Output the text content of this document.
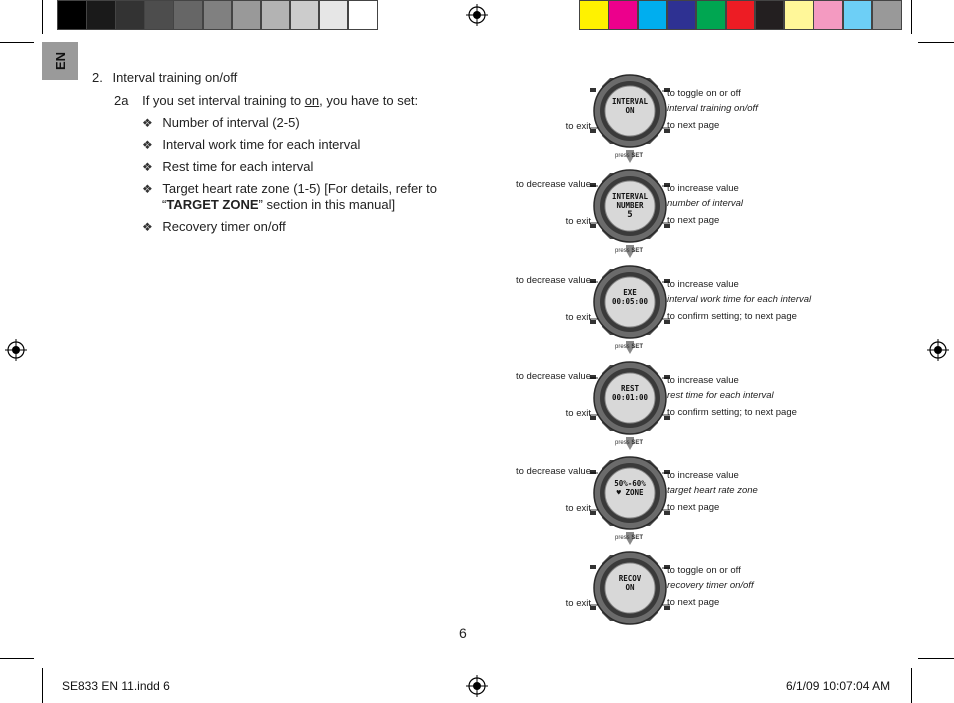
EN
2. Interval training on/off
2a If you set interval training to on, you have to set:
❖ Number of interval (2-5)
❖ Interval work time for each interval
❖ Rest time for each interval
❖ Target heart rate zone (1-5) [For details, refer to
“TARGET ZONE” section in this manual]
❖ Recovery timer on/off
INTERVAL
ON
to exit
to toggle on or off
interval training on/off
to next page
press SET
INTERVAL
NUMBER
5
to decrease value
to exit
to increase value
number of interval
to next page
press SET
EXE
00:05:00
to decrease value
to exit
to increase value
interval work time for each interval
to confirm setting; to next page
press SET
REST
00:01:00
to decrease value
to exit
to increase value
rest time for each interval
to confirm setting; to next page
press SET
50%-60%
♥ ZONE
to decrease value
to exit
to increase value
target heart rate zone
to next page
press SET
RECOV
ON
to exit
to toggle on or off
recovery timer on/off
to next page
6
SE833 EN 11.indd 6	6/1/09 10:07:04 AM
